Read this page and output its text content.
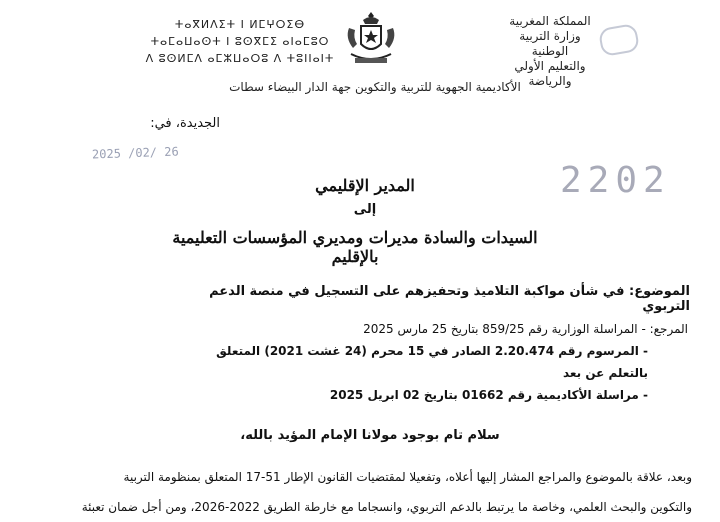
ⵜⴰⴳⵍⴷⵉⵜ ⵏ ⵍⵎⵖⵔⵉⴱ
ⵜⴰⵎⴰⵡⴰⵙⵜ ⵏ ⵓⵙⴳⵎⵉ ⴰⵏⴰⵎⵓⵔ
ⴷ ⵓⵙⵍⵎⴷ ⴰⵎⵣⵡⴰⵔⵓ ⴷ ⵜⵓⵏⵏⴰⵏⵜ
المملكة المغربية
وزارة التربية الوطنية
والتعليم الأولي والرياضة
الأكاديمية الجهوية للتربية والتكوين جهة الدار البيضاء سطات
الجديدة، في:
2025 /02/ 26
2202
المدير الإقليمي
إلى
السيدات والسادة مديرات ومديري المؤسسات التعليمية بالإقليم
الموضوع: في شأن مواكبة التلاميذ وتحفيزهم على التسجيل في منصة الدعم التربوي
المرجع: - المراسلة الوزارية رقم 859/25 بتاريخ 25 مارس 2025
- المرسوم رقم 2.20.474 الصادر في 15 محرم (24 غشت 2021) المتعلق بالتعلم عن بعد
- مراسلة الأكاديمية رقم 01662 بتاريخ 02 ابريل 2025
سلام تام بوجود مولانا الإمام المؤيد بالله،
وبعد، علاقة بالموضوع والمراجع المشار إليها أعلاه، وتفعيلا لمقتضيات القانون الإطار 51-17 المتعلق بمنظومة التربية
والتكوين والبحث العلمي، وخاصة ما يرتبط بالدعم التربوي، وانسجاما مع خارطة الطريق 2022-2026، ومن أجل ضمان تعبئة
